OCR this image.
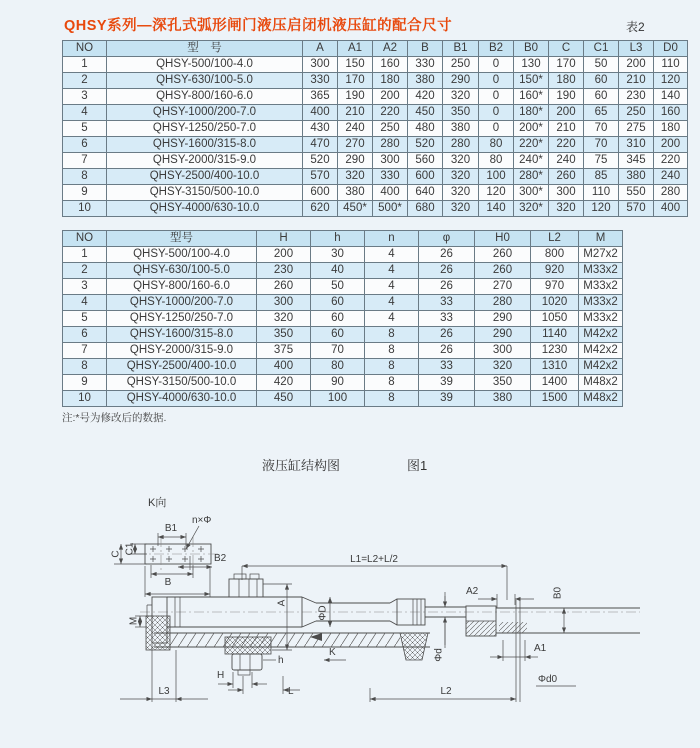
QHSY系列—深孔式弧形闸门液压启闭机液压缸的配合尺寸	表2
NO	型　号	A	A1	A2	B	B1	B2	B0	C	C1	L3	D0
1	QHSY-500/100-4.0	300	150	160	330	250	0	130	170	50	200	110
2	QHSY-630/100-5.0	330	170	180	380	290	0	150*	180	60	210	120
3	QHSY-800/160-6.0	365	190	200	420	320	0	160*	190	60	230	140
4	QHSY-1000/200-7.0	400	210	220	450	350	0	180*	200	65	250	160
5	QHSY-1250/250-7.0	430	240	250	480	380	0	200*	210	70	275	180
6	QHSY-1600/315-8.0	470	270	280	520	280	80	220*	220	70	310	200
7	QHSY-2000/315-9.0	520	290	300	560	320	80	240*	240	75	345	220
8	QHSY-2500/400-10.0	570	320	330	600	320	100	280*	260	85	380	240
9	QHSY-3150/500-10.0	600	380	400	640	320	120	300*	300	110	550	280
10	QHSY-4000/630-10.0	620	450*	500*	680	320	140	320*	320	120	570	400
NO	型号	H	h	n	φ	H0	L2	M
1	QHSY-500/100-4.0	200	30	4	26	260	800	M27x2
2	QHSY-630/100-5.0	230	40	4	26	260	920	M33x2
3	QHSY-800/160-6.0	260	50	4	26	270	970	M33x2
4	QHSY-1000/200-7.0	300	60	4	33	280	1020	M33x2
5	QHSY-1250/250-7.0	320	60	4	33	290	1050	M33x2
6	QHSY-1600/315-8.0	350	60	8	26	290	1140	M42x2
7	QHSY-2000/315-9.0	375	70	8	26	300	1230	M42x2
8	QHSY-2500/400-10.0	400	80	8	33	320	1310	M42x2
9	QHSY-3150/500-10.0	420	90	8	39	350	1400	M48x2
10	QHSY-4000/630-10.0	450	100	8	39	380	1500	M48x2
注:*号为修改后的数据.
液压缸结构图	图1
K向
C1
C
B1
n×Φ
B2
B
M
K
h
H
L
A
ΦD
Φd
L1=L2+L/2
A2	B0
A1
Φd0
L3	L2
